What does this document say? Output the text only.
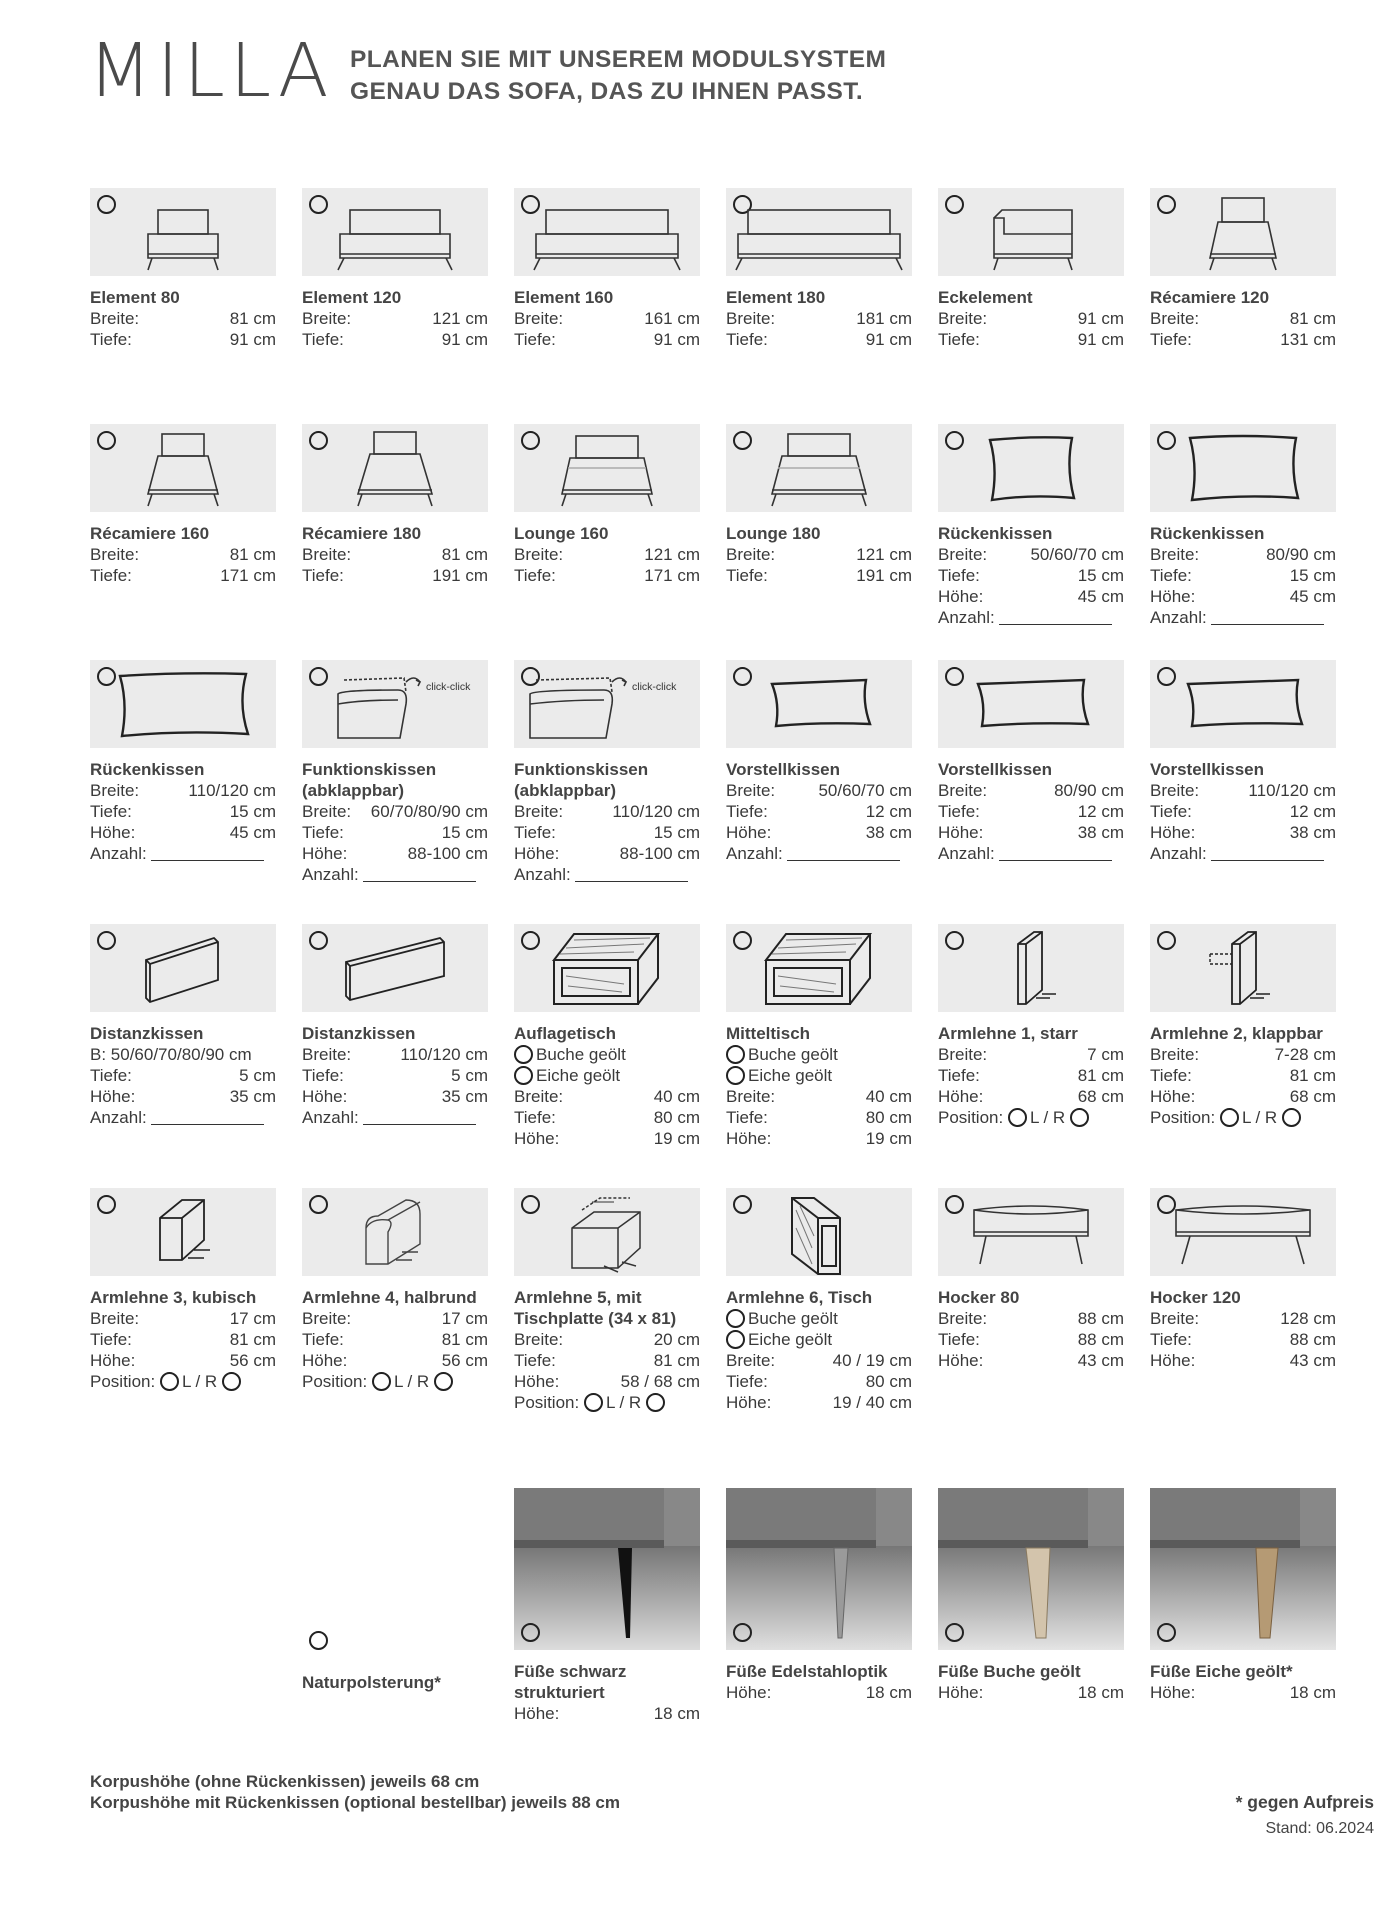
MILLA PLANEN SIE MIT UNSEREM MODULSYSTEM
GENAU DAS SOFA, DAS ZU IHNEN PASST.
Element 80
Breite:	81 cm
Tiefe:	91 cm
Element 120
Breite:	121 cm
Tiefe:	91 cm
Element 160
Breite:	161 cm
Tiefe:	91 cm
Element 180
Breite:	181 cm
Tiefe:	91 cm
Eckelement
Breite:	91 cm
Tiefe:	91 cm
Récamiere 120
Breite:	81 cm
Tiefe:	131 cm
Récamiere 160
Breite:	81 cm
Tiefe:	171 cm
Récamiere 180
Breite:	81 cm
Tiefe:	191 cm
Lounge 160
Breite:	121 cm
Tiefe:	171 cm
Lounge 180
Breite:	121 cm
Tiefe:	191 cm
Rückenkissen
Breite:	50/60/70 cm
Tiefe:	15 cm
Höhe:	45 cm
Anzahl:
Rückenkissen
Breite:	80/90 cm
Tiefe:	15 cm
Höhe:	45 cm
Anzahl:
Rückenkissen
Breite:	110/120 cm
Tiefe:	15 cm
Höhe:	45 cm
Anzahl:
click-click
Funktionskissen
(abklappbar)
Breite: 60/70/80/90 cm
Tiefe:	15 cm
Höhe:	88-100 cm
Anzahl:
click-click
Funktionskissen
(abklappbar)
Breite:	110/120 cm
Tiefe:	15 cm
Höhe:	88-100 cm
Anzahl:
Vorstellkissen
Breite:	50/60/70 cm
Tiefe:	12 cm
Höhe:	38 cm
Anzahl:
Vorstellkissen
Breite:	80/90 cm
Tiefe:	12 cm
Höhe:	38 cm
Anzahl:
Vorstellkissen
Breite:	110/120 cm
Tiefe:	12 cm
Höhe:	38 cm
Anzahl:
Distanzkissen
B: 50/60/70/80/90 cm
Tiefe:	5 cm
Höhe:	35 cm
Anzahl:
Distanzkissen
Breite:	110/120 cm
Tiefe:	5 cm
Höhe:	35 cm
Anzahl:
Auflagetisch
Buche geölt
Eiche geölt
Breite:	40 cm
Tiefe:	80 cm
Höhe:	19 cm
Mitteltisch
Buche geölt
Eiche geölt
Breite:	40 cm
Tiefe:	80 cm
Höhe:	19 cm
Armlehne 1, starr
Breite:	7 cm
Tiefe:	81 cm
Höhe:	68 cm
Position:
L / R

Armlehne 2, klappbar
Breite:	7-28 cm
Tiefe:	81 cm
Höhe:	68 cm
Position:
L / R

Armlehne 3, kubisch
Breite:	17 cm
Tiefe:	81 cm
Höhe:	56 cm
Position:
L / R

Armlehne 4, halbrund
Breite:	17 cm
Tiefe:	81 cm
Höhe:	56 cm
Position:
L / R

Armlehne 5, mit
Tischplatte (34 x 81)
Breite:	20 cm
Tiefe:	81 cm
Höhe:	58 / 68 cm
Position:
L / R

Armlehne 6, Tisch
Buche geölt
Eiche geölt
Breite:	40 / 19 cm
Tiefe:	80 cm
Höhe:	19 / 40 cm
Hocker 80
Breite:	88 cm
Tiefe:	88 cm
Höhe:	43 cm
Hocker 120
Breite:	128 cm
Tiefe:	88 cm
Höhe:	43 cm
Naturpolsterung*
Füße schwarz
strukturiert
Höhe:	18 cm
Füße Edelstahloptik
Höhe:	18 cm
Füße Buche geölt
Höhe:	18 cm
Füße Eiche geölt*
Höhe:	18 cm
Korpushöhe (ohne Rückenkissen) jeweils 68 cm
Korpushöhe mit Rückenkissen (optional bestellbar) jeweils 88 cm	* gegen Aufpreis
Stand: 06.2024
